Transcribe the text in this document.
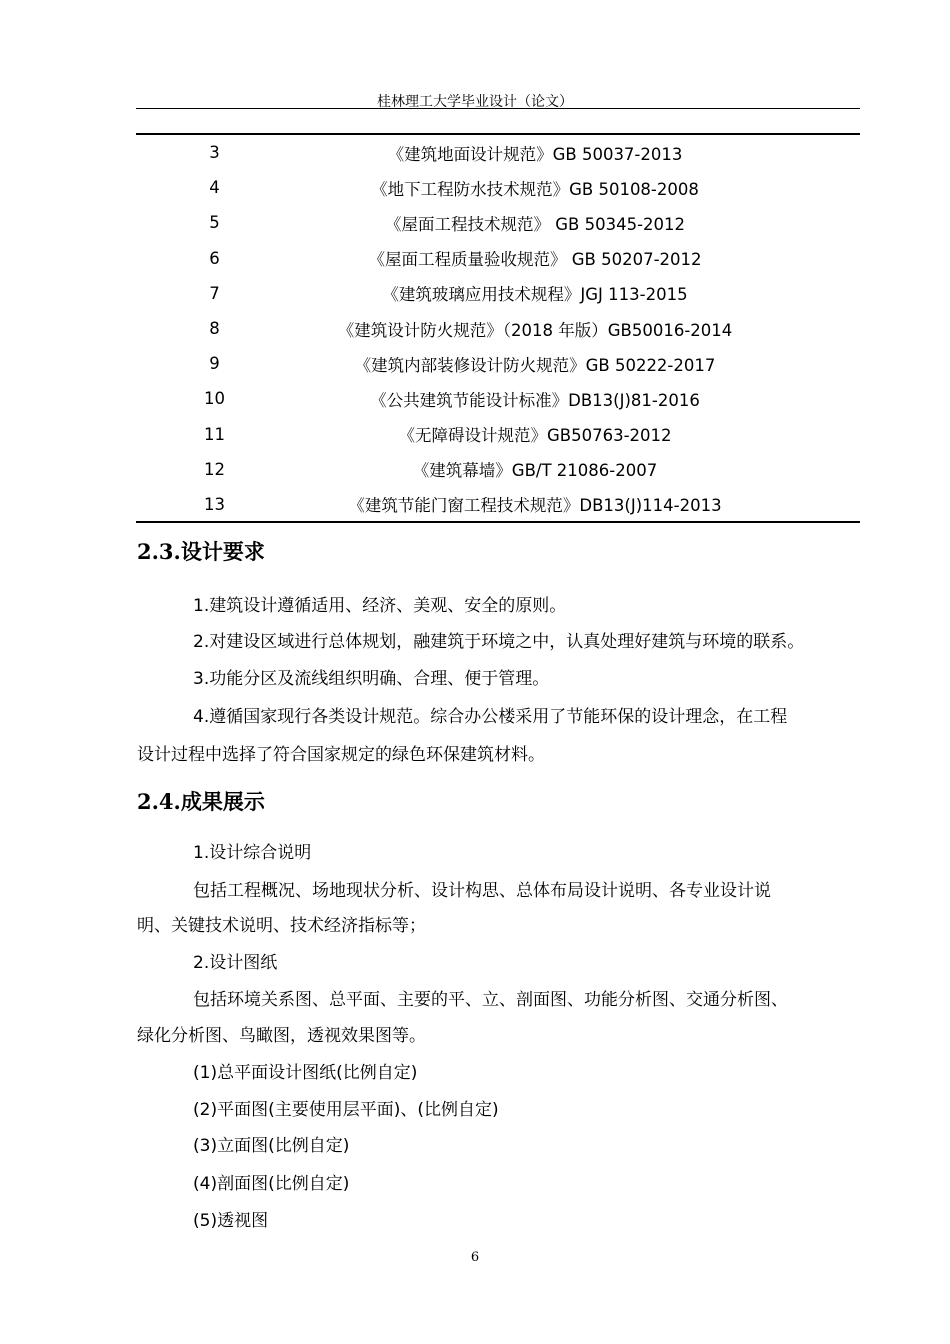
桂林理工大学毕业设计（论文）
3	《建筑地面设计规范》GB 50037-2013
4	《地下工程防水技术规范》GB 50108-2008
5	《屋面工程技术规范》 GB 50345-2012
6	《屋面工程质量验收规范》 GB 50207-2012
7	《建筑玻璃应用技术规程》JGJ 113-2015
8	《建筑设计防火规范》（2018 年版）GB50016-2014
9	《建筑内部装修设计防火规范》GB 50222-2017
10	《公共建筑节能设计标准》DB13(J)81-2016
11	《无障碍设计规范》GB50763-2012
12	《建筑幕墙》GB/T 21086-2007
13	《建筑节能门窗工程技术规范》DB13(J)114-2013
2.3.设计要求
1.建筑设计遵循适用、经济、美观、安全的原则。
2.对建设区域进行总体规划，融建筑于环境之中，认真处理好建筑与环境的联系。
3.功能分区及流线组织明确、合理、便于管理。
4.遵循国家现行各类设计规范。综合办公楼采用了节能环保的设计理念，在工程
设计过程中选择了符合国家规定的绿色环保建筑材料。
2.4.成果展示
1.设计综合说明
包括工程概况、场地现状分析、设计构思、总体布局设计说明、各专业设计说
明、关键技术说明、技术经济指标等；
2.设计图纸
包括环境关系图、总平面、主要的平、立、剖面图、功能分析图、交通分析图、
绿化分析图、鸟瞰图，透视效果图等。
(1)总平面设计图纸(比例自定)
(2)平面图(主要使用层平面)、(比例自定)
(3)立面图(比例自定)
(4)剖面图(比例自定)
(5)透视图
6
